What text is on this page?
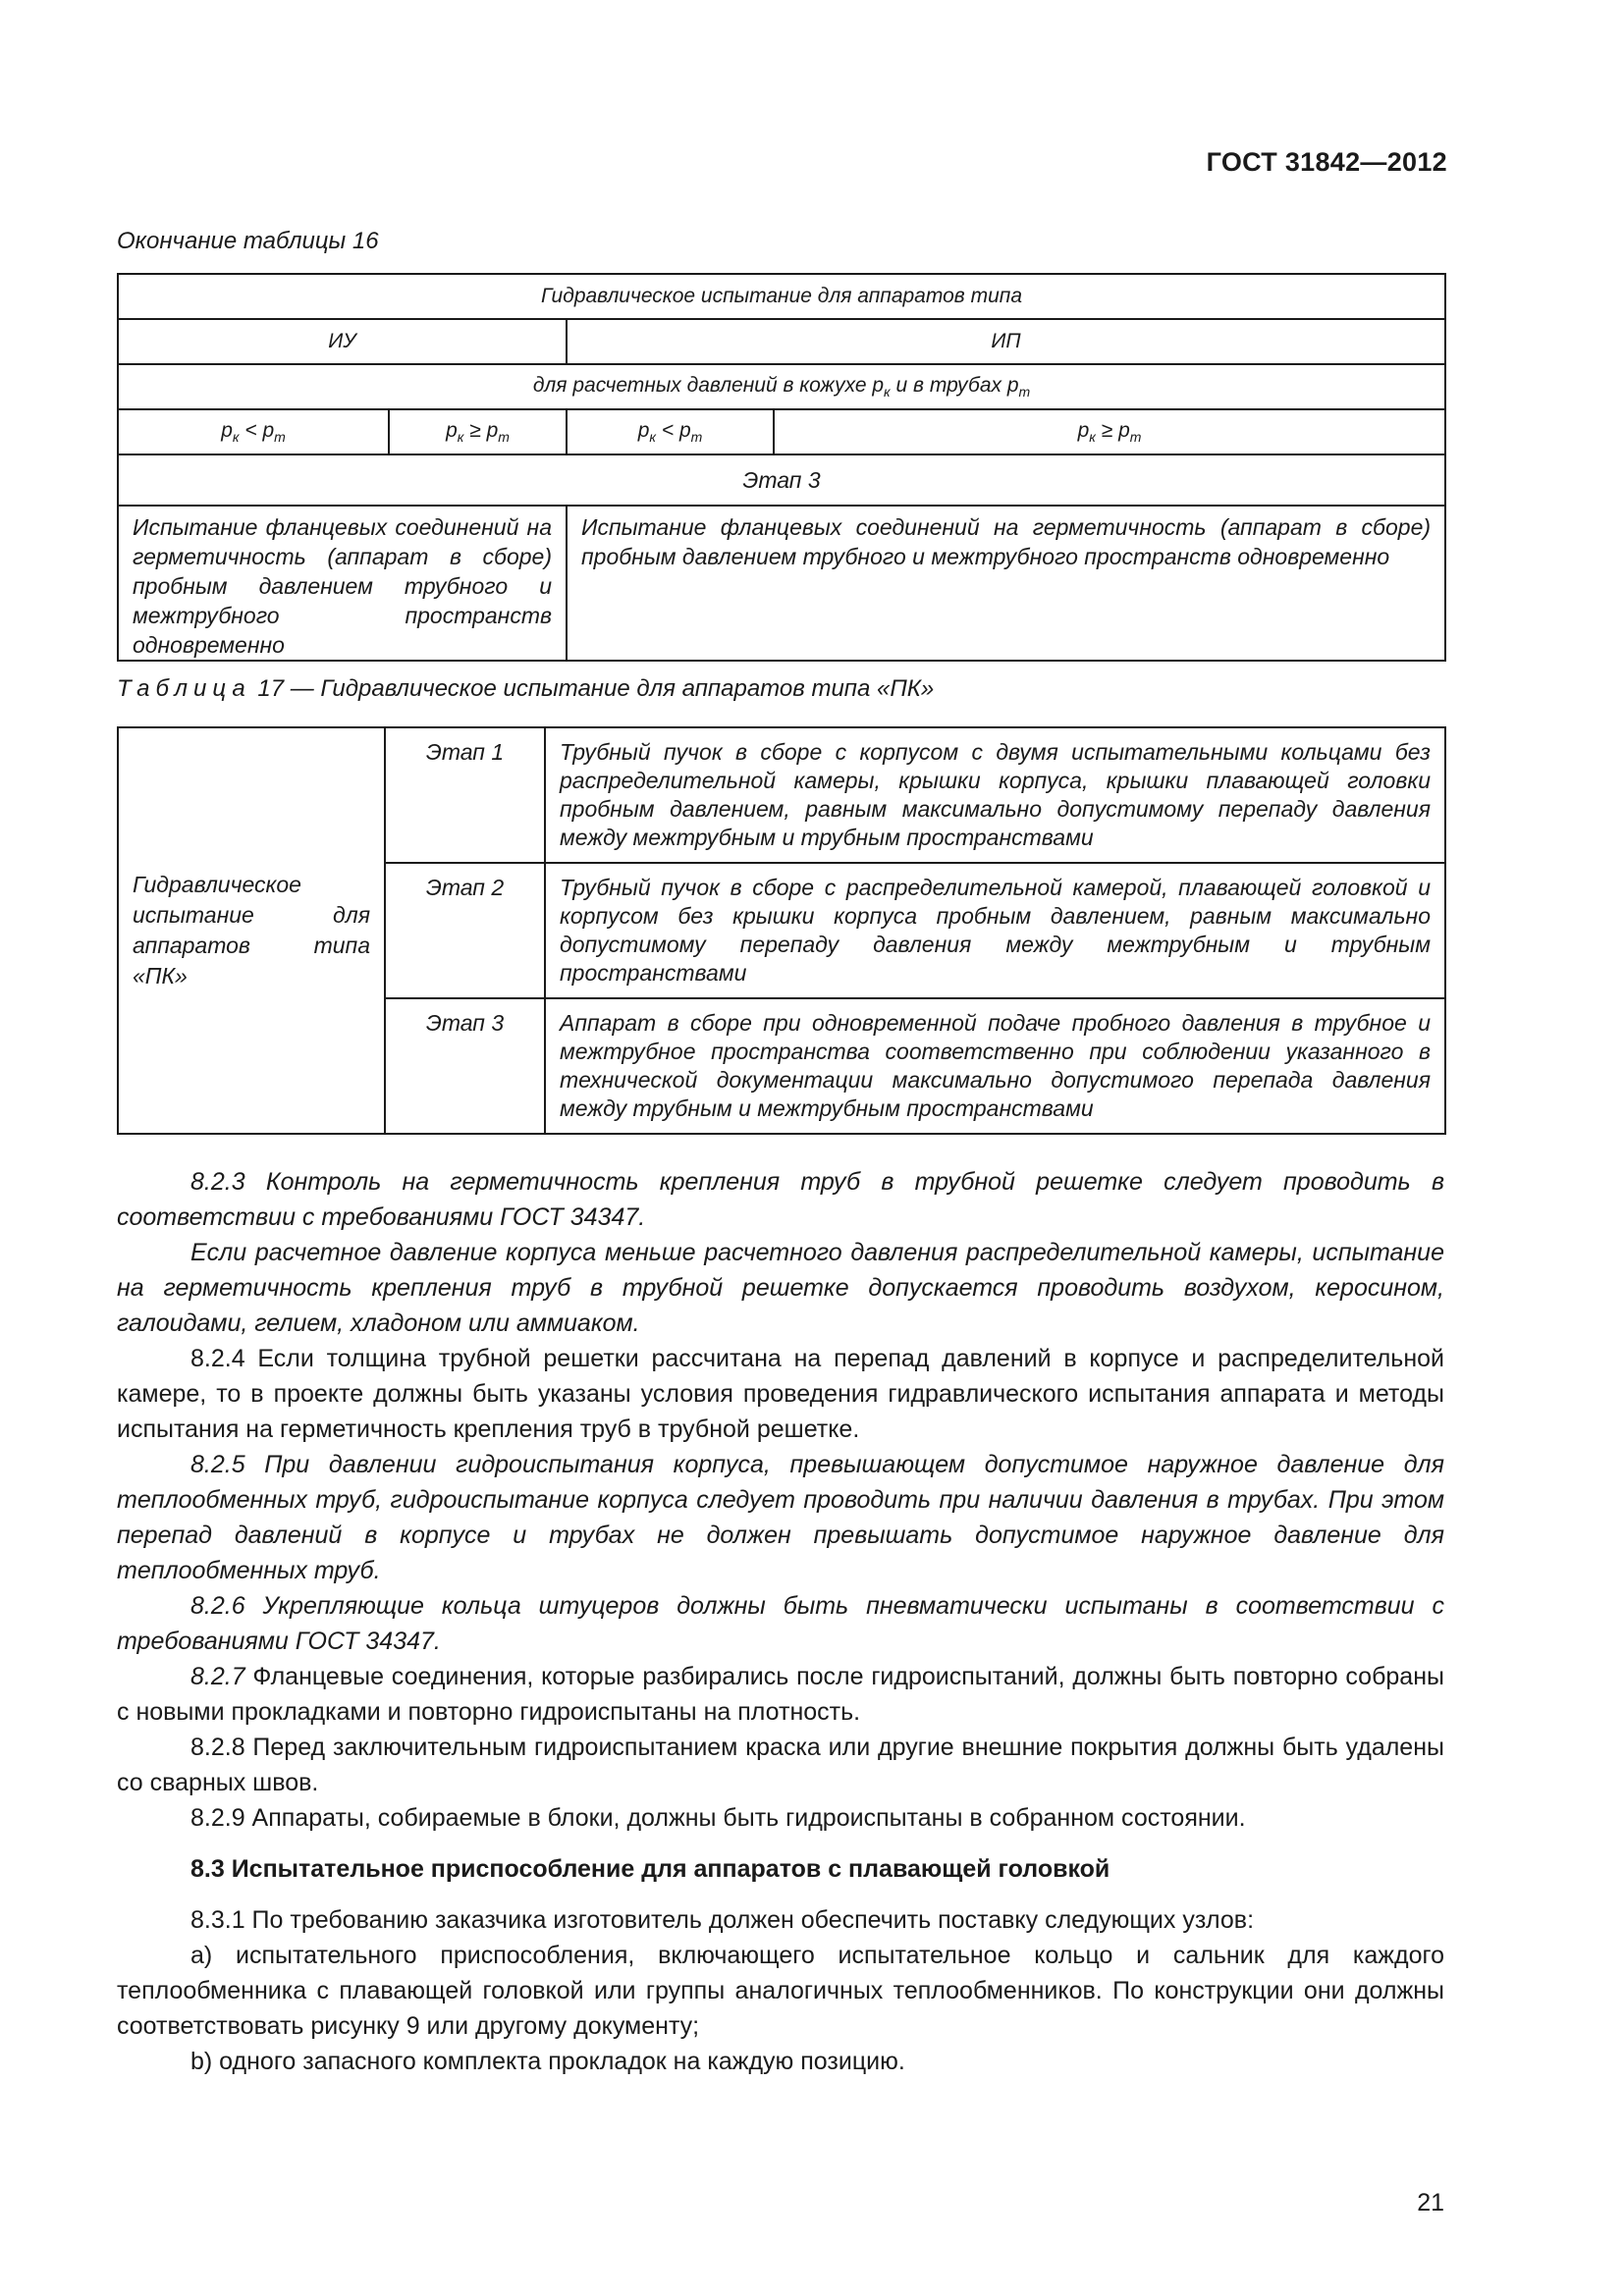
ГОСТ 31842—2012
Окончание таблицы 16
Гидравлическое испытание для аппаратов типа			
ИУ		ИП	
для расчетных давлений в кожухе $p_к$ и в трубах $p_т$
$p_к < p_т$	$p_к \ge p_т$	$p_к < p_т$	$p_к \ge p_т$
Этап 3			
Испытание фланцевых соединений на герметичность (аппарат в сборе) пробным давлением трубного и межтрубного пространств одновременно		Испытание фланцевых соединений на герметичность (аппарат в сборе) пробным давлением трубного и межтрубного пространств одновременно	
Таблица 17 — Гидравлическое испытание для аппаратов типа «ПК»
Гидравлическое испытание для аппаратов типа «ПК»	Этап 1	Трубный пучок в сборе с корпусом с двумя испытательными кольцами без распределительной камеры, крышки корпуса, крышки плавающей головки пробным давлением, равным максимально допустимому перепаду давления между межтрубным и трубным пространствами
	Этап 2	Трубный пучок в сборе с распределительной камерой, плавающей головкой и корпусом без крышки корпуса пробным давлением, равным максимально допустимому перепаду давления между межтрубным и трубным пространствами
	Этап 3	Аппарат в сборе при одновременной подаче пробного давления в трубное и межтрубное пространства соответственно при соблюдении указанного в технической документации максимально допустимого перепада давления между трубным и межтрубным пространствами

8.2.3 Контроль на герметичность крепления труб в трубной решетке следует проводить в соответствии с требованиями ГОСТ 34347.

Если расчетное давление корпуса меньше расчетного давления распределительной камеры, испытание на герметичность крепления труб в трубной решетке допускается проводить воздухом, керосином, галоидами, гелием, хладоном или аммиаком.

8.2.4 Если толщина трубной решетки рассчитана на перепад давлений в корпусе и распределительной камере, то в проекте должны быть указаны условия проведения гидравлического испытания аппарата и методы испытания на герметичность крепления труб в трубной решетке.

8.2.5 При давлении гидроиспытания корпуса, превышающем допустимое наружное давление для теплообменных труб, гидроиспытание корпуса следует проводить при наличии давления в трубах. При этом перепад давлений в корпусе и трубах не должен превышать допустимое наружное давление для теплообменных труб.

8.2.6 Укрепляющие кольца штуцеров должны быть пневматически испытаны в соответствии с требованиями ГОСТ 34347.

8.2.7 Фланцевые соединения, которые разбирались после гидроиспытаний, должны быть повторно собраны с новыми прокладками и повторно гидроиспытаны на плотность.

8.2.8 Перед заключительным гидроиспытанием краска или другие внешние покрытия должны быть удалены со сварных швов.

8.2.9 Аппараты, собираемые в блоки, должны быть гидроиспытаны в собранном состоянии.

8.3 Испытательное приспособление для аппаратов с плавающей головкой

8.3.1 По требованию заказчика изготовитель должен обеспечить поставку следующих узлов:

a) испытательного приспособления, включающего испытательное кольцо и сальник для каждого теплообменника с плавающей головкой или группы аналогичных теплообменников. По конструкции они должны соответствовать рисунку 9 или другому документу;

b) одного запасного комплекта прокладок на каждую позицию.

21
